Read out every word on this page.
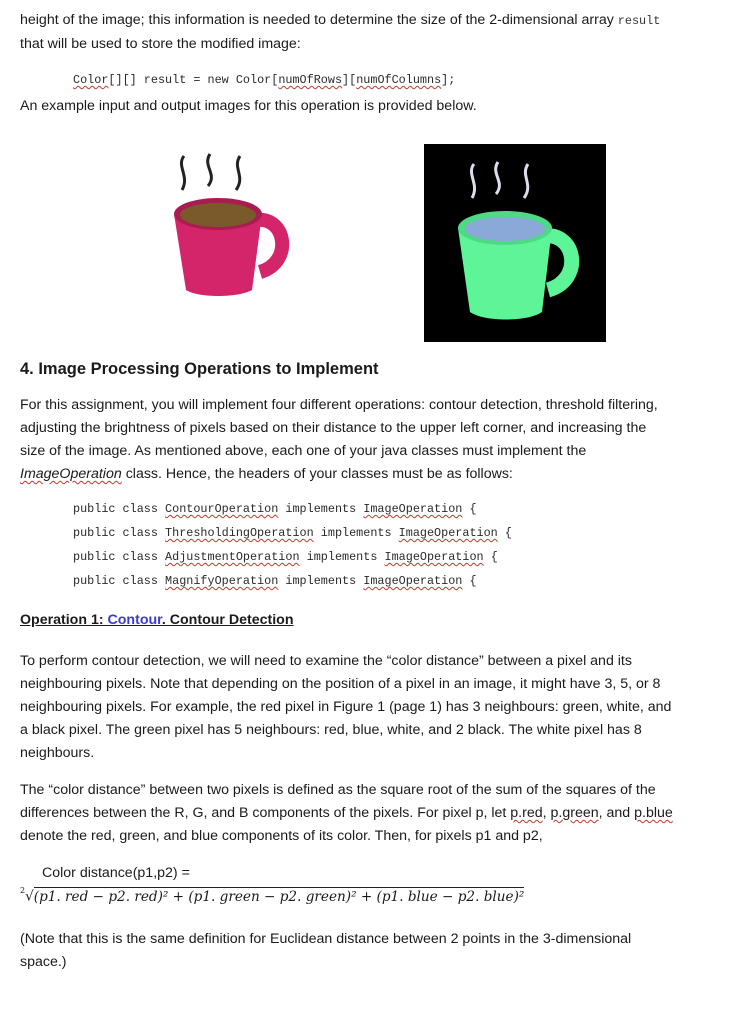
height of the image; this information is needed to determine the size of the 2-dimensional array result
that will be used to store the modified image:
Color[][] result = new Color[numOfRows][numOfColumns];
An example input and output images for this operation is provided below.
4. Image Processing Operations to Implement
For this assignment, you will implement four different operations: contour detection, threshold filtering,
adjusting the brightness of pixels based on their distance to the upper left corner, and increasing the
size of the image. As mentioned above, each one of your java classes must implement the
ImageOperation class. Hence, the headers of your classes must be as follows:
public class ContourOperation implements ImageOperation {
public class ThresholdingOperation implements ImageOperation {
public class AdjustmentOperation implements ImageOperation {
public class MagnifyOperation implements ImageOperation {
Operation 1: Contour. Contour Detection
To perform contour detection, we will need to examine the “color distance” between a pixel and its
neighbouring pixels. Note that depending on the position of a pixel in an image, it might have 3, 5, or 8
neighbouring pixels. For example, the red pixel in Figure 1 (page 1) has 3 neighbours: green, white, and
a black pixel. The green pixel has 5 neighbours: red, blue, white, and 2 black. The white pixel has 8
neighbours.
The “color distance” between two pixels is defined as the square root of the sum of the squares of the
differences between the R, G, and B components of the pixels. For pixel p, let p.red, p.green, and p.blue
denote the red, green, and blue components of its color. Then, for pixels p1 and p2,
Color distance(p1,p2) =
$^2$√(p1. red − p2. red)² + (p1. green − p2. green)² + (p1. blue − p2. blue)²
(Note that this is the same definition for Euclidean distance between 2 points in the 3-dimensional
space.)
